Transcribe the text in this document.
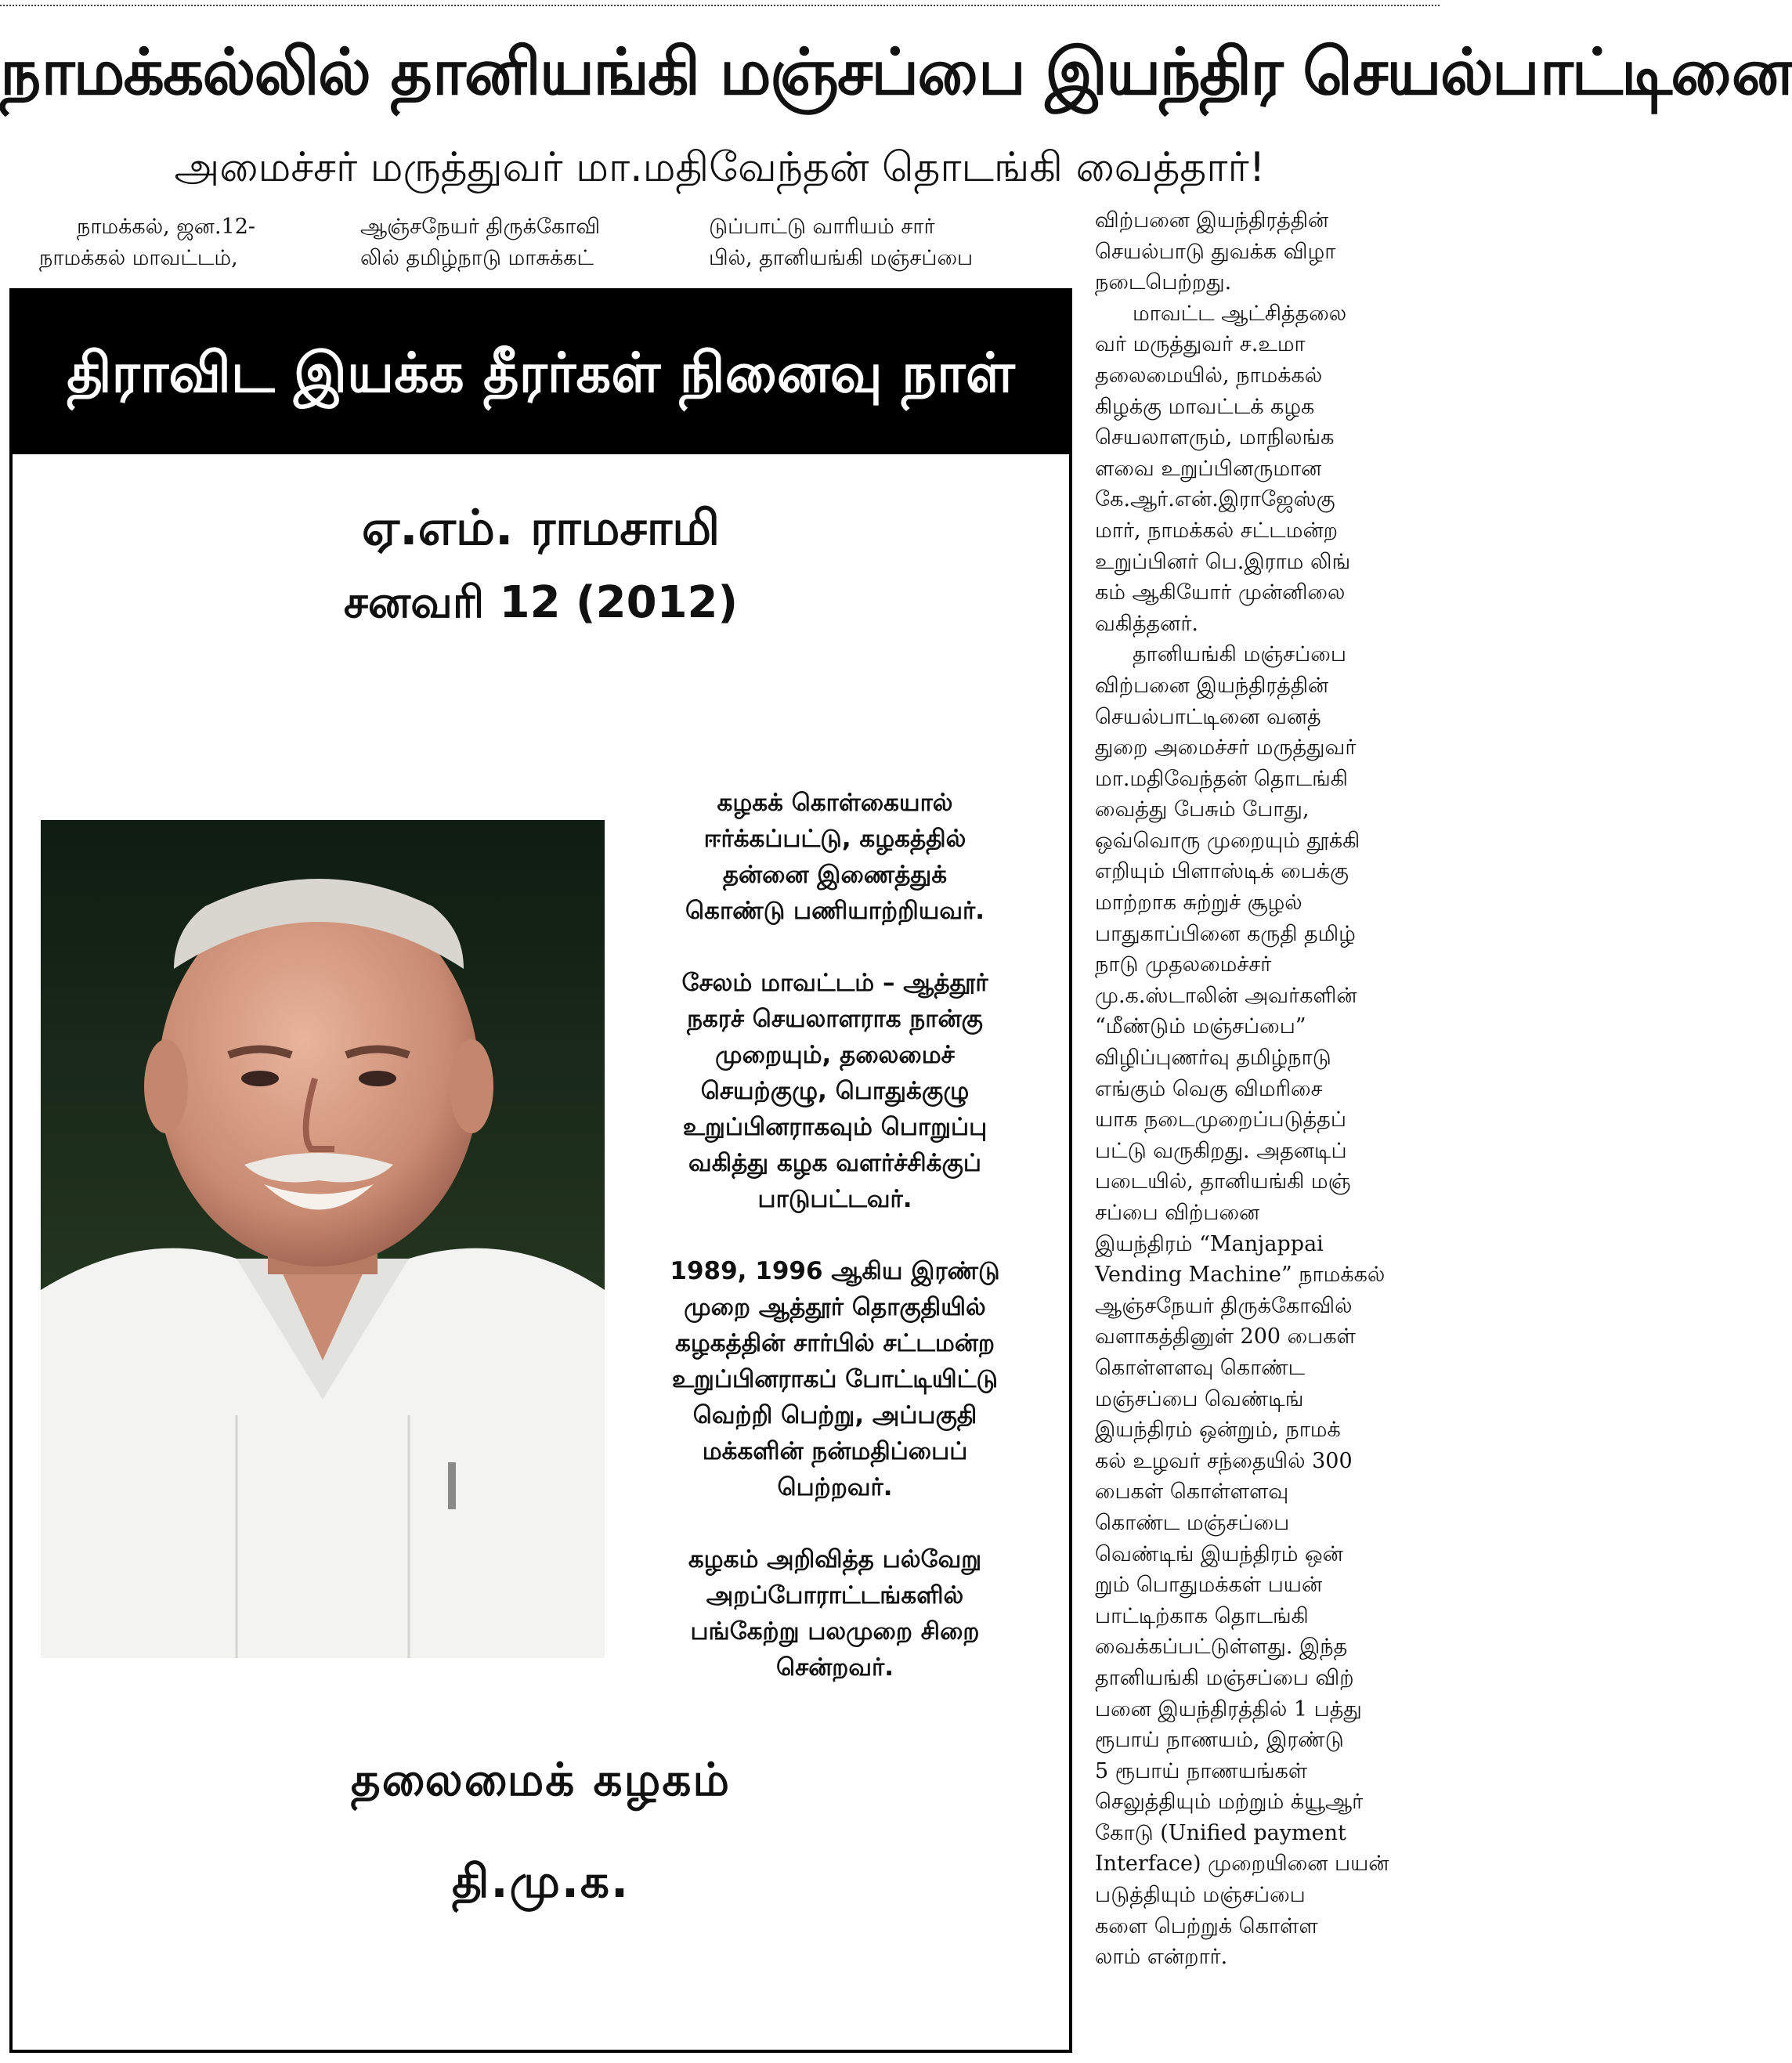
நாமக்கல்லில் தானியங்கி மஞ்சப்பை இயந்திர செயல்பாட்டினை
அமைச்சர் மருத்துவர் மா.மதிவேந்தன் தொடங்கி வைத்தார்!
நாமக்கல், ஜன.12-
நாமக்கல் மாவட்டம்,
ஆஞ்சநேயர் திருக்கோவி
லில் தமிழ்நாடு மாசுக்கட்
டுப்பாட்டு வாரியம் சார்
பில், தானியங்கி மஞ்சப்பை
விற்பனை இயந்திரத்தின்
செயல்பாடு துவக்க விழா
நடைபெற்றது.
மாவட்ட ஆட்சித்தலை
வர் மருத்துவர் ச.உமா
தலைமையில், நாமக்கல்
கிழக்கு மாவட்டக் கழக
செயலாளரும், மாநிலங்க
ளவை உறுப்பினருமான
கே.ஆர்.என்.இராஜேஸ்கு
மார், நாமக்கல் சட்டமன்ற
உறுப்பினர் பெ.இராம லிங்
கம் ஆகியோர் முன்னிலை
வகித்தனர்.
தானியங்கி மஞ்சப்பை
விற்பனை இயந்திரத்தின்
செயல்பாட்டினை வனத்
துறை அமைச்சர் மருத்துவர்
மா.மதிவேந்தன் தொடங்கி
வைத்து பேசும் போது,
ஒவ்வொரு முறையும் தூக்கி
எறியும் பிளாஸ்டிக் பைக்கு
மாற்றாக சுற்றுச் சூழல்
பாதுகாப்பினை கருதி தமிழ்
நாடு முதலமைச்சர்
மு.க.ஸ்டாலின் அவர்களின்
“மீண்டும் மஞ்சப்பை”
விழிப்புணர்வு தமிழ்நாடு
எங்கும் வெகு விமரிசை
யாக நடைமுறைப்படுத்தப்
பட்டு வருகிறது. அதனடிப்
படையில், தானியங்கி மஞ்
சப்பை விற்பனை
இயந்திரம் “Manjappai
Vending Machine” நாமக்கல்
ஆஞ்சநேயர் திருக்கோவில்
வளாகத்தினுள் 200 பைகள்
கொள்ளளவு கொண்ட
மஞ்சப்பை வெண்டிங்
இயந்திரம் ஒன்றும், நாமக்
கல் உழவர் சந்தையில் 300
பைகள் கொள்ளளவு
கொண்ட மஞ்சப்பை
வெண்டிங் இயந்திரம் ஒன்
றும் பொதுமக்கள் பயன்
பாட்டிற்காக தொடங்கி
வைக்கப்பட்டுள்ளது. இந்த
தானியங்கி மஞ்சப்பை விற்
பனை இயந்திரத்தில் 1 பத்து
ரூபாய் நாணயம், இரண்டு
5 ரூபாய் நாணயங்கள்
செலுத்தியும் மற்றும் க்யூஆர்
கோடு (Unified payment
Interface) முறையினை பயன்
படுத்தியும் மஞ்சப்பை
களை பெற்றுக் கொள்ள
லாம் என்றார்.
திராவிட இயக்க தீரர்கள் நினைவு நாள்
ஏ.எம். ராமசாமி
சனவரி 12 (2012)

கழகக் கொள்கையால்
ஈர்க்கப்பட்டு, கழகத்தில்
தன்னை இணைத்துக்
கொண்டு பணியாற்றியவர்.

சேலம் மாவட்டம் – ஆத்தூர்
நகரச் செயலாளராக நான்கு
முறையும், தலைமைச்
செயற்குழு, பொதுக்குழு
உறுப்பினராகவும் பொறுப்பு
வகித்து கழக வளர்ச்சிக்குப்
பாடுபட்டவர்.

1989, 1996 ஆகிய இரண்டு
முறை ஆத்தூர் தொகுதியில்
கழகத்தின் சார்பில் சட்டமன்ற
உறுப்பினராகப் போட்டியிட்டு
வெற்றி பெற்று, அப்பகுதி
மக்களின் நன்மதிப்பைப்
பெற்றவர்.

கழகம் அறிவித்த பல்வேறு
அறப்போராட்டங்களில்
பங்கேற்று பலமுறை சிறை
சென்றவர்.

தலைமைக் கழகம்
தி.மு.க.
